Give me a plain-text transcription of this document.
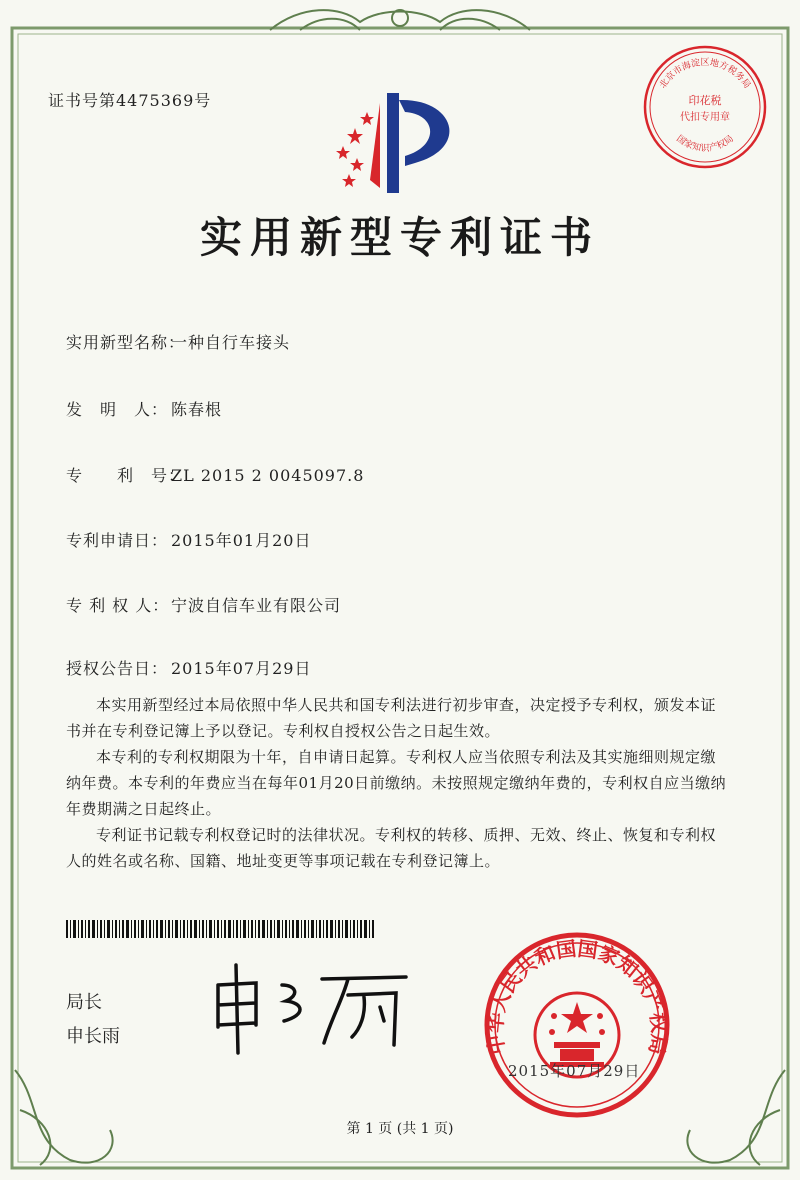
证书号第4475369号
实用新型专利证书
北京市海淀区地方税务局
印花税
代扣专用章
国家知识产权局
实用新型名称：一种自行车接头
发　明　人： 陈春根
专　　利　号：ZL 2015 2 0045097.8
专利申请日： 2015年01月20日
专 利 权 人： 宁波自信车业有限公司
授权公告日： 2015年07月29日

本实用新型经过本局依照中华人民共和国专利法进行初步审查，决定授予专利权，颁发本证书并在专利登记簿上予以登记。专利权自授权公告之日起生效。

本专利的专利权期限为十年，自申请日起算。专利权人应当依照专利法及其实施细则规定缴纳年费。本专利的年费应当在每年01月20日前缴纳。未按照规定缴纳年费的，专利权自应当缴纳年费期满之日起终止。

专利证书记载专利权登记时的法律状况。专利权的转移、质押、无效、终止、恢复和专利权人的姓名或名称、国籍、地址变更等事项记载在专利登记簿上。

局长
申长雨	中华人民共和国国家知识产权局
2015年07月29日
第 1 页 (共 1 页)
